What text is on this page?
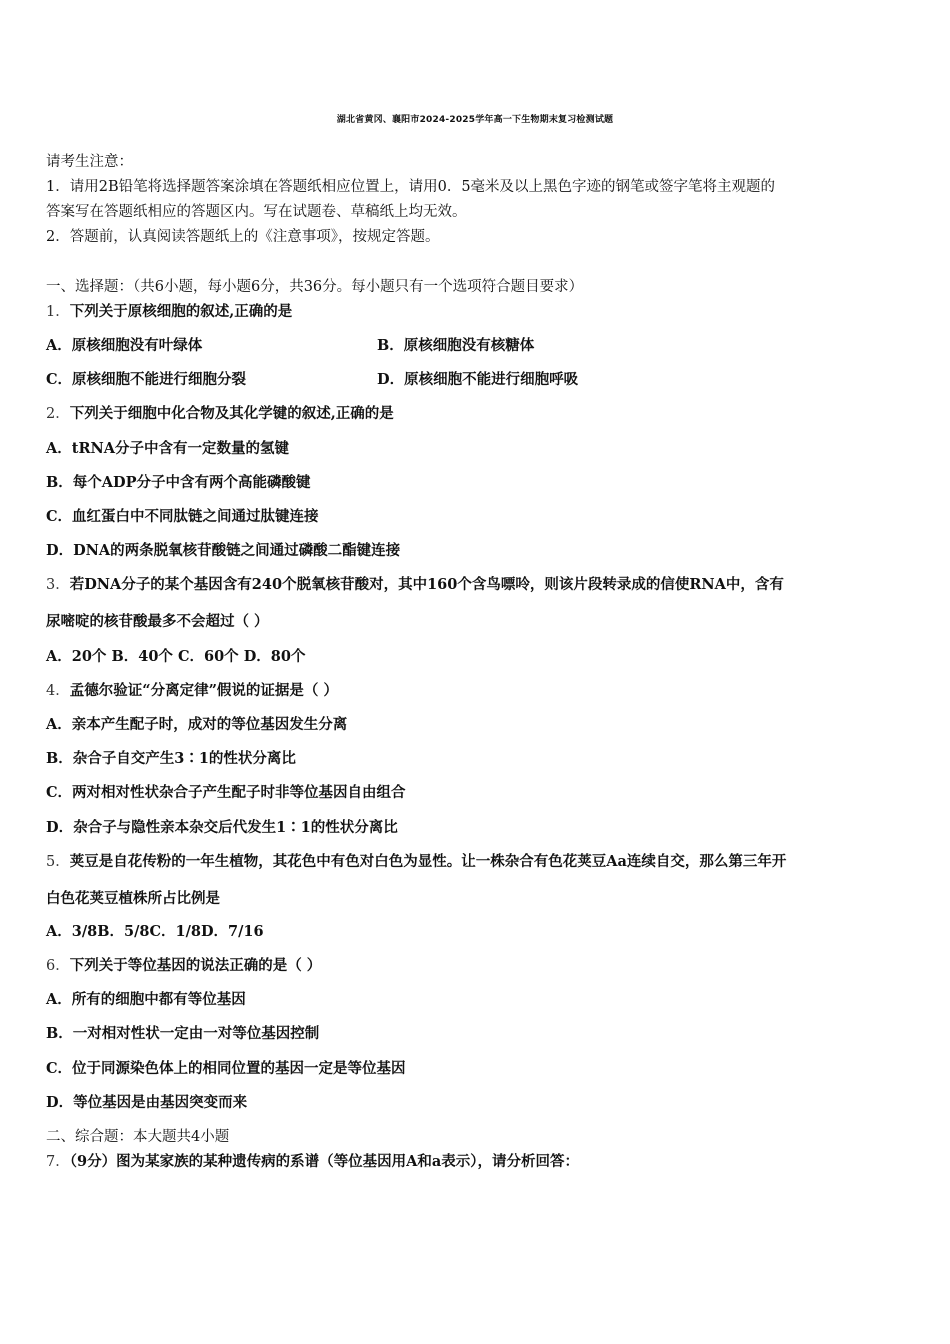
湖北省黄冈、襄阳市2024-2025学年高一下生物期末复习检测试题
请考生注意：
1．请用2B铅笔将选择题答案涂填在答题纸相应位置上，请用0．5毫米及以上黑色字迹的钢笔或签字笔将主观题的
答案写在答题纸相应的答题区内。写在试题卷、草稿纸上均无效。
2．答题前，认真阅读答题纸上的《注意事项》，按规定答题。
一、选择题：（共6小题，每小题6分，共36分。每小题只有一个选项符合题目要求）
1．下列关于原核细胞的叙述,正确的是
A．原核细胞没有叶绿体	B．原核细胞没有核糖体
C．原核细胞不能进行细胞分裂	D．原核细胞不能进行细胞呼吸
2．下列关于细胞中化合物及其化学键的叙述,正确的是
A．tRNA分子中含有一定数量的氢键
B．每个ADP分子中含有两个高能磷酸键
C．血红蛋白中不同肽链之间通过肽键连接
D．DNA的两条脱氧核苷酸链之间通过磷酸二酯键连接
3．若DNA分子的某个基因含有240个脱氧核苷酸对，其中160个含鸟嘌呤，则该片段转录成的信使RNA中，含有
尿嘧啶的核苷酸最多不会超过（ ）
A．20个 B．40个 C．60个 D．80个
4．孟德尔验证“分离定律”假说的证据是（ ）
A．亲本产生配子时，成对的等位基因发生分离
B．杂合子自交产生3∶1的性状分离比
C．两对相对性状杂合子产生配子时非等位基因自由组合
D．杂合子与隐性亲本杂交后代发生1∶1的性状分离比
5．荚豆是自花传粉的一年生植物，其花色中有色对白色为显性。让一株杂合有色花荚豆Aa连续自交，那么第三年开
白色花荚豆植株所占比例是
A．3/8B．5/8C．1/8D．7/16
6．下列关于等位基因的说法正确的是（ ）
A．所有的细胞中都有等位基因
B．一对相对性状一定由一对等位基因控制
C．位于同源染色体上的相同位置的基因一定是等位基因
D．等位基因是由基因突变而来
二、综合题：本大题共4小题
7．（9分）图为某家族的某种遗传病的系谱（等位基因用A和a表示），请分析回答：
